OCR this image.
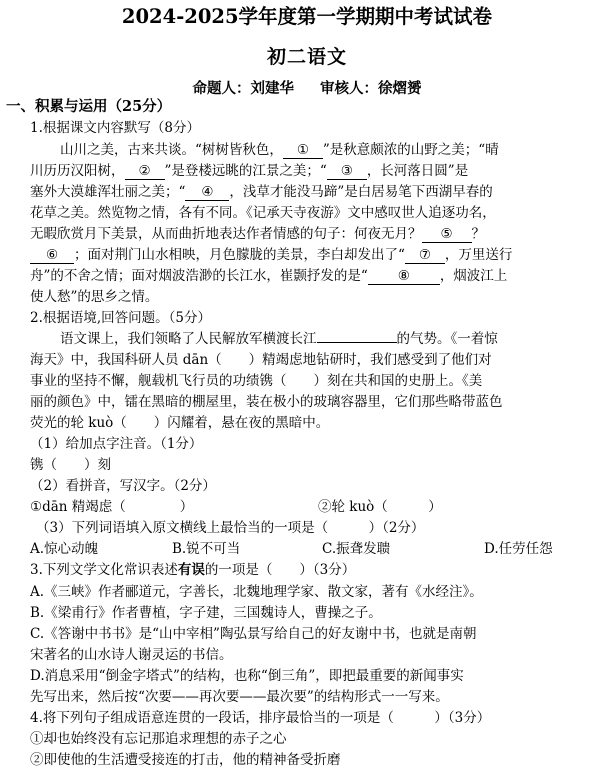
2024-2025学年度第一学期期中考试试卷
初二语文
命题人：刘建华 审核人：徐熠赟
一、积累与运用（25分）
1.根据课文内容默写（8分）
山川之美，古来共谈。“树树皆秋色， ① ”是秋意颇浓的山野之美；“晴
川历历汉阳树， ② ”是登楼远眺的江景之美；“ ③ ，长河落日圆”是
塞外大漠雄浑壮丽之美；“ ④ ，浅草才能没马蹄”是白居易笔下西湖早春的
花草之美。然览物之情，各有不同。《记承天寺夜游》文中感叹世人追逐功名，
无暇欣赏月下美景，从而曲折地表达作者情感的句子：何夜无月？ ⑤ ？
⑥ ；面对荆门山水相映，月色朦胧的美景，李白却发出了“ ⑦ ，万里送行
舟”的不舍之情；面对烟波浩渺的长江水，崔颢抒发的是“ ⑧ ，烟波江上
使人愁”的思乡之情。
2.根据语境,回答问题。（5分）
语文课上，我们领略了人民解放军横渡长江	的气势。《一着惊
海天》中，我国科研人员 dān（　　）精竭虑地钻研时，我们感受到了他们对
事业的坚持不懈，舰载机飞行员的功绩镌（　　）刻在共和国的史册上。《美
丽的颜色》中，镭在黑暗的棚屋里，装在极小的玻璃容器里，它们那些略带蓝色
荧光的轮 kuò（　　）闪耀着，悬在夜的黑暗中。
（1）给加点字注音。（1分）
镌（　　）刻
（2）看拼音，写汉字。（2分）
①dān 精竭虑（　　　　）	②轮 kuò（　　　）
（3）下列词语填入原文横线上最恰当的一项是（　　　）（2分）
A.惊心动魄	B.锐不可当	C.振聋发聩	D.任劳任怨
3.下列文学文化常识表述有误的一项是（　　）（3分）
A.《三峡》作者郦道元，字善长，北魏地理学家、散文家，著有《水经注》。
B.《梁甫行》作者曹植，字子建，三国魏诗人，曹操之子。
C.《答谢中书书》是“山中宰相”陶弘景写给自己的好友谢中书，也就是南朝
宋著名的山水诗人谢灵运的书信。
D.消息采用“倒金字塔式”的结构，也称“倒三角”，即把最重要的新闻事实
先写出来，然后按“次要——再次要——最次要”的结构形式一一写来。
4.将下列句子组成语意连贯的一段话，排序最恰当的一项是（　　　）（3分）
①却也始终没有忘记那追求理想的赤子之心
②即使他的生活遭受接连的打击，他的精神备受折磨
